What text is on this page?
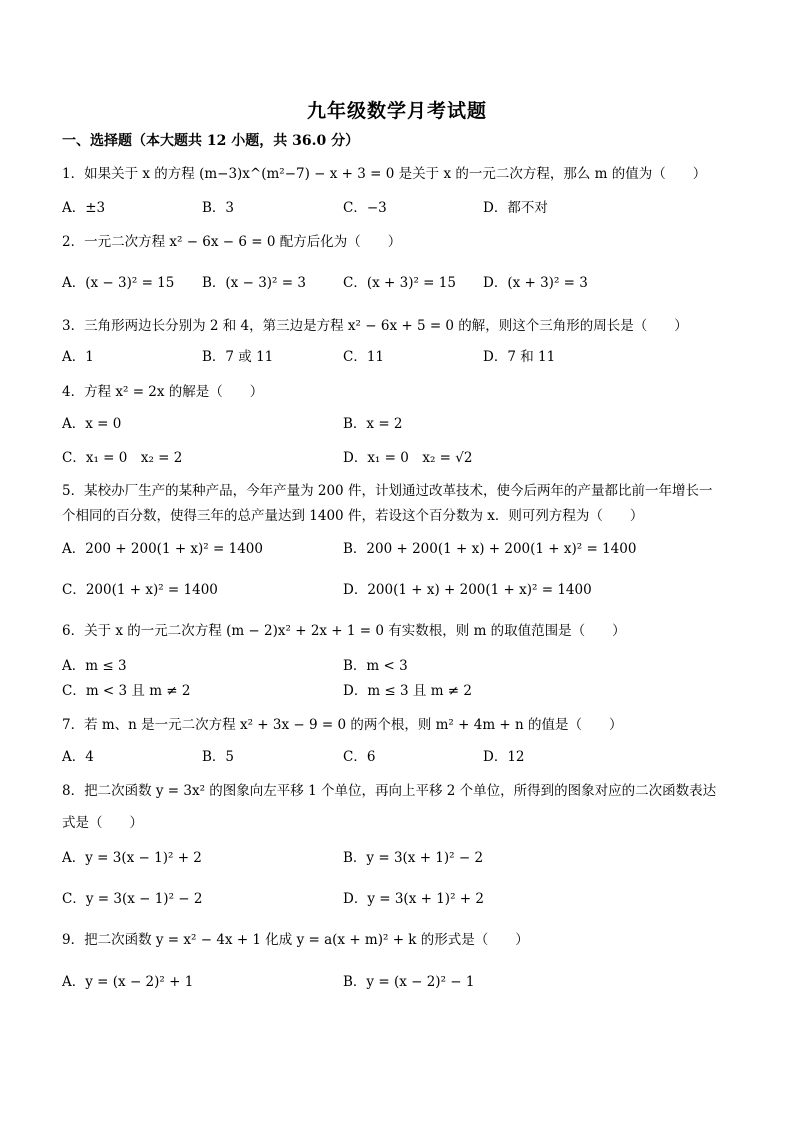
九年级数学月考试题
一、选择题（本大题共 12 小题，共 36.0 分）
1．如果关于 x 的方程 (m−3)x^(m²−7) − x + 3 = 0 是关于 x 的一元二次方程，那么 m 的值为（　　）
A．±3	B．3	C．−3	D．都不对
2．一元二次方程 x² − 6x − 6 = 0 配方后化为（　　）
A．(x − 3)² = 15 B．(x − 3)² = 3	C．(x + 3)² = 15 D．(x + 3)² = 3
3．三角形两边长分别为 2 和 4，第三边是方程 x² − 6x + 5 = 0 的解，则这个三角形的周长是（　　）
A．1	B．7 或 11	C．11	D．7 和 11
4．方程 x² = 2x 的解是（　　）
A．x = 0	B．x = 2
C．x₁ = 0　x₂ = 2	D．x₁ = 0　x₂ = √2
5．某校办厂生产的某种产品，今年产量为 200 件，计划通过改革技术，使今后两年的产量都比前一年增长一
个相同的百分数，使得三年的总产量达到 1400 件，若设这个百分数为 x．则可列方程为（　　）
A．200 + 200(1 + x)² = 1400	B．200 + 200(1 + x) + 200(1 + x)² = 1400
C．200(1 + x)² = 1400	D．200(1 + x) + 200(1 + x)² = 1400
6．关于 x 的一元二次方程 (m − 2)x² + 2x + 1 = 0 有实数根，则 m 的取值范围是（　　）
A．m ≤ 3	B．m < 3
C．m < 3 且 m ≠ 2	D．m ≤ 3 且 m ≠ 2
7．若 m、n 是一元二次方程 x² + 3x − 9 = 0 的两个根，则 m² + 4m + n 的值是（　　）
A．4	B．5	C．6	D．12
8．把二次函数 y = 3x² 的图象向左平移 1 个单位，再向上平移 2 个单位，所得到的图象对应的二次函数表达
式是（　　）
A．y = 3(x − 1)² + 2	B．y = 3(x + 1)² − 2
C．y = 3(x − 1)² − 2	D．y = 3(x + 1)² + 2
9．把二次函数 y = x² − 4x + 1 化成 y = a(x + m)² + k 的形式是（　　）
A．y = (x − 2)² + 1	B．y = (x − 2)² − 1
